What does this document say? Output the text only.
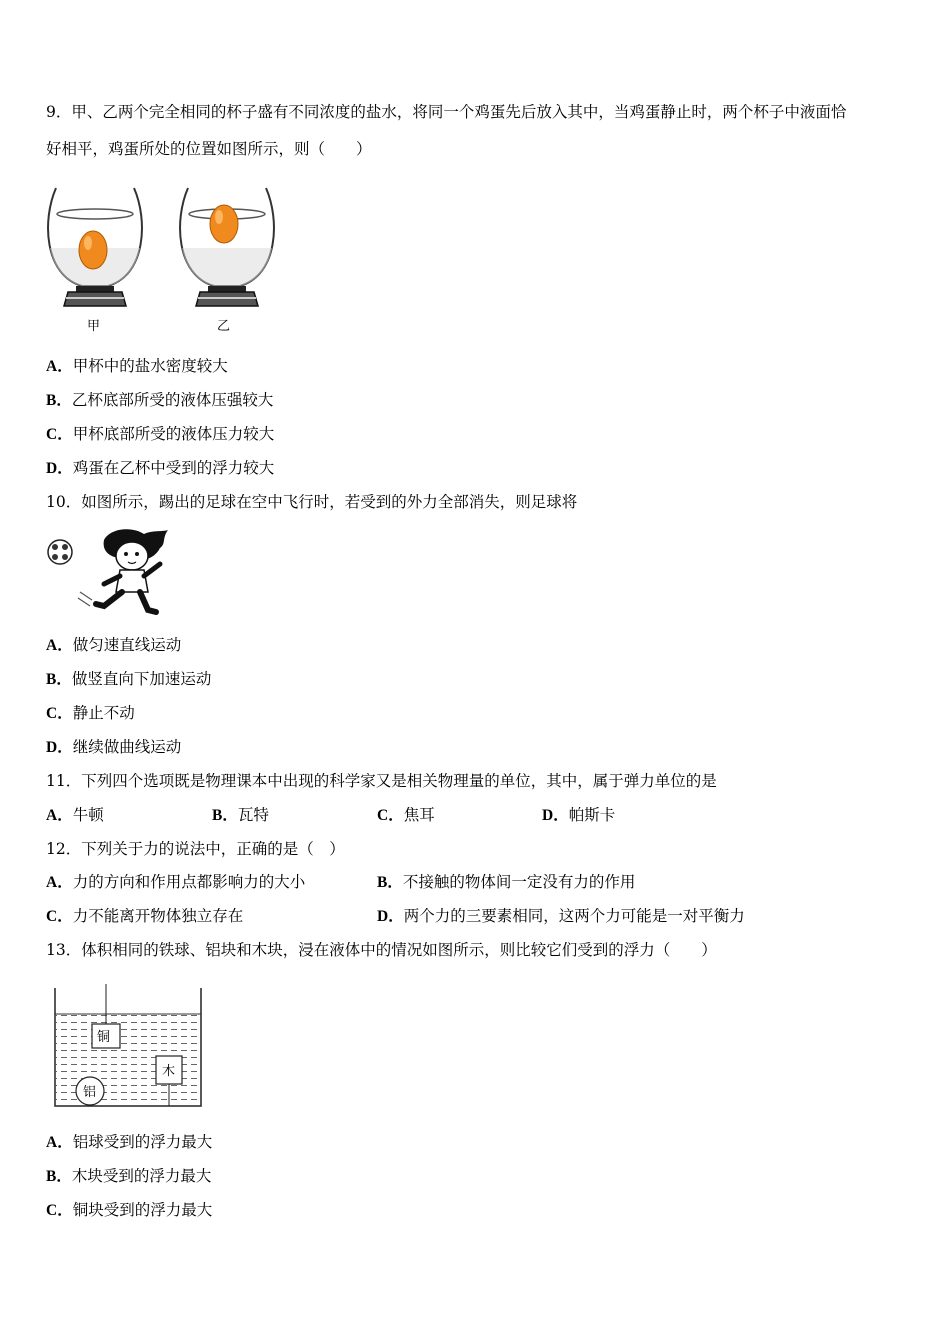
9．甲、乙两个完全相同的杯子盛有不同浓度的盐水，将同一个鸡蛋先后放入其中，当鸡蛋静止时，两个杯子中液面恰
好相平，鸡蛋所处的位置如图所示，则（　　）
甲	乙
A．甲杯中的盐水密度较大
B．乙杯底部所受的液体压强较大
C．甲杯底部所受的液体压力较大
D．鸡蛋在乙杯中受到的浮力较大
10．如图所示，踢出的足球在空中飞行时，若受到的外力全部消失，则足球将
A．做匀速直线运动
B．做竖直向下加速运动
C．静止不动
D．继续做曲线运动
11．下列四个选项既是物理课本中出现的科学家又是相关物理量的单位，其中，属于弹力单位的是
A．牛顿	B．瓦特	C．焦耳	D．帕斯卡
12．下列关于力的说法中，正确的是（　）
A．力的方向和作用点都影响力的大小	B．不接触的物体间一定没有力的作用
C．力不能离开物体独立存在	D．两个力的三要素相同，这两个力可能是一对平衡力
13．体积相同的铁球、铝块和木块，浸在液体中的情况如图所示，则比较它们受到的浮力（　　）
铜
木
铝
A．铝球受到的浮力最大
B．木块受到的浮力最大
C．铜块受到的浮力最大
